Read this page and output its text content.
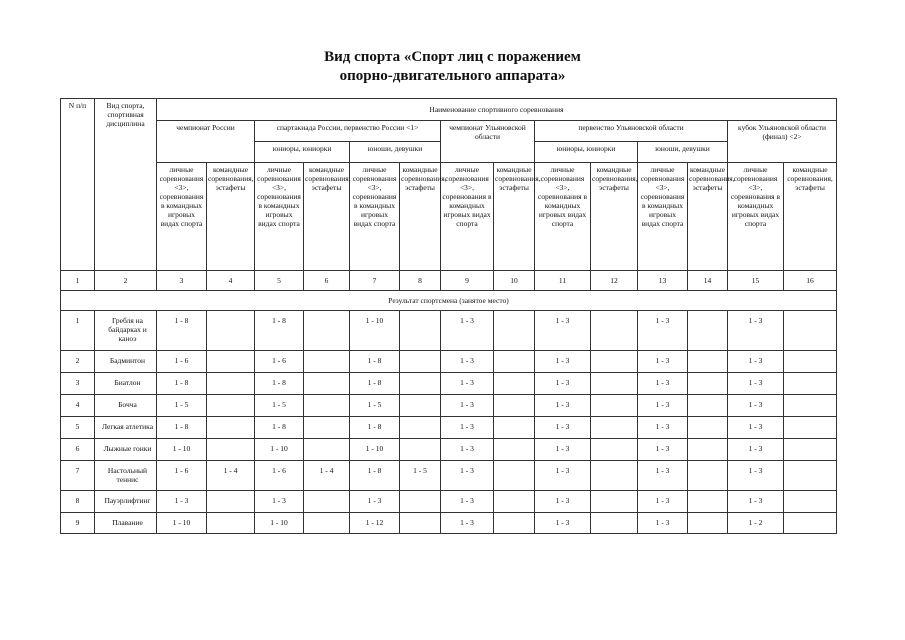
Вид спорта «Спорт лиц с поражением
опорно-двигательного аппарата»
N п/п	Вид спорта, спортивная дисциплина	Наименование спортивного соревнования													
		чемпионат России		спартакиада России, первенство России <1>				чемпионат Ульяновской области		первенство Ульяновской области				кубок Ульяновской области (финал) <2>	
				юниоры, юниорки		юноши, девушки				юниоры, юниорки		юноши, девушки			
		личные соревнования <3>, соревнования в командных игровых видах спорта	командные соревнования, эстафеты	личные соревнования <3>, соревнования в командных игровых видах спорта	командные соревнования, эстафеты	личные соревнования <3>, соревнования в командных игровых видах спорта	командные соревнования, эстафеты	личные соревнования <3>, соревнования в командных игровых видах спорта	командные соревнования, эстафеты	личные соревнования <3>, соревнования в командных игровых видах спорта	командные соревнования, эстафеты	личные соревнования <3>, соревнования в командных игровых видах спорта	командные соревнования, эстафеты	личные соревнования <3>, соревнования в командных игровых видах спорта	командные соревнования, эстафеты
1	2	3	4	5	6	7	8	9	10	11	12	13	14	15	16
Результат спортсмена (занятое место)															
1	Гребля на байдарках и каноэ	1 - 8		1 - 8		1 - 10		1 - 3		1 - 3		1 - 3		1 - 3	
2	Бадминтон	1 - 6		1 - 6		1 - 8		1 - 3		1 - 3		1 - 3		1 - 3	
3	Биатлон	1 - 8		1 - 8		1 - 8		1 - 3		1 - 3		1 - 3		1 - 3	
4	Бочча	1 - 5		1 - 5		1 - 5		1 - 3		1 - 3		1 - 3		1 - 3	
5	Легкая атлетика	1 - 8		1 - 8		1 - 8		1 - 3		1 - 3		1 - 3		1 - 3	
6	Лыжные гонки	1 - 10		1 - 10		1 - 10		1 - 3		1 - 3		1 - 3		1 - 3	
7	Настольный теннис	1 - 6	1 - 4	1 - 6	1 - 4	1 - 8	1 - 5	1 - 3		1 - 3		1 - 3		1 - 3	
8	Пауэрлифтинг	1 - 3		1 - 3		1 - 3		1 - 3		1 - 3		1 - 3		1 - 3	
9	Плавание	1 - 10		1 - 10		1 - 12		1 - 3		1 - 3		1 - 3		1 - 2	
